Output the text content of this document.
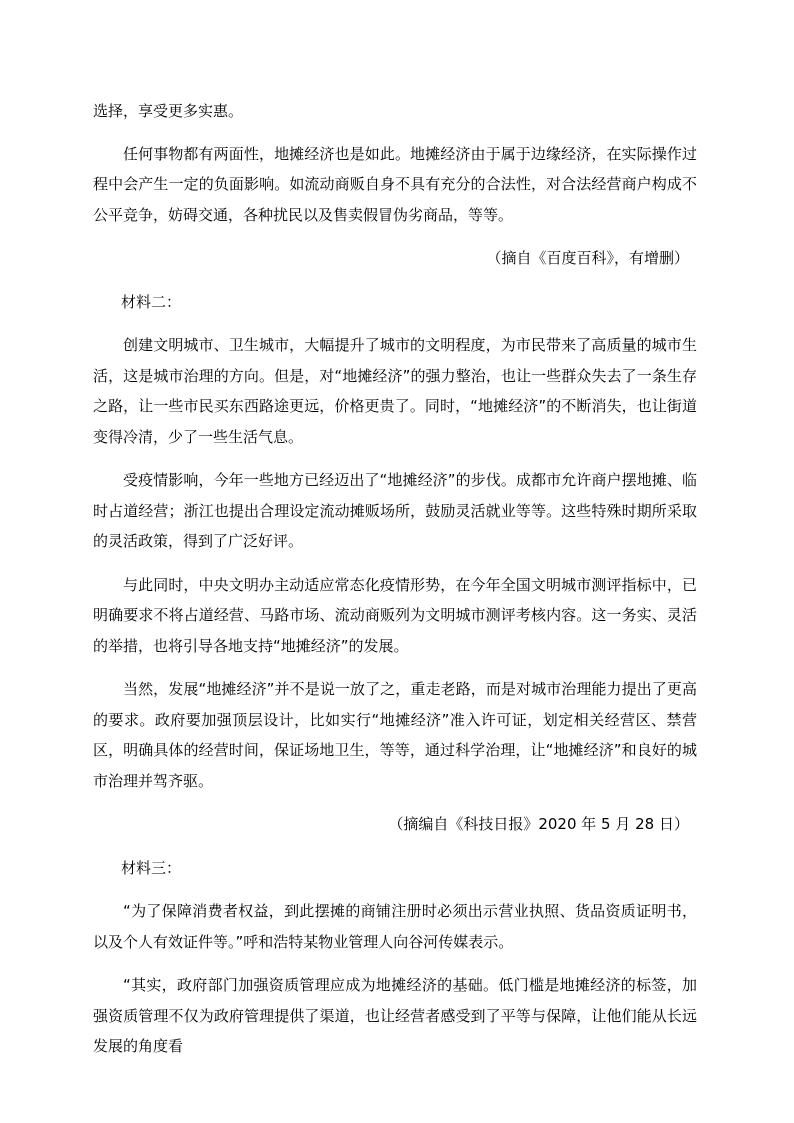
选择，享受更多实惠。

任何事物都有两面性，地摊经济也是如此。地摊经济由于属于边缘经济，在实际操作过程中会产生一定的负面影响。如流动商贩自身不具有充分的合法性，对合法经营商户构成不公平竞争，妨碍交通，各种扰民以及售卖假冒伪劣商品，等等。

（摘自《百度百科》，有增删）

材料二：

创建文明城市、卫生城市，大幅提升了城市的文明程度，为市民带来了高质量的城市生活，这是城市治理的方向。但是，对“地摊经济”的强力整治，也让一些群众失去了一条生存之路，让一些市民买东西路途更远，价格更贵了。同时，“地摊经济”的不断消失，也让街道变得冷清，少了一些生活气息。

受疫情影响，今年一些地方已经迈出了“地摊经济”的步伐。成都市允许商户摆地摊、临时占道经营；浙江也提出合理设定流动摊贩场所，鼓励灵活就业等等。这些特殊时期所采取的灵活政策，得到了广泛好评。

与此同时，中央文明办主动适应常态化疫情形势，在今年全国文明城市测评指标中，已明确要求不将占道经营、马路市场、流动商贩列为文明城市测评考核内容。这一务实、灵活的举措，也将引导各地支持“地摊经济”的发展。

当然，发展“地摊经济”并不是说一放了之，重走老路，而是对城市治理能力提出了更高的要求。政府要加强顶层设计，比如实行“地摊经济”准入许可证，划定相关经营区、禁营区，明确具体的经营时间，保证场地卫生，等等，通过科学治理，让“地摊经济”和良好的城市治理并驾齐驱。

（摘编自《科技日报》2020 年 5 月 28 日）

材料三：

“为了保障消费者权益，到此摆摊的商铺注册时必须出示营业执照、货品资质证明书，以及个人有效证件等。”呼和浩特某物业管理人向谷河传媒表示。

“其实，政府部门加强资质管理应成为地摊经济的基础。低门槛是地摊经济的标签，加强资质管理不仅为政府管理提供了渠道，也让经营者感受到了平等与保障，让他们能从长远发展的角度看
